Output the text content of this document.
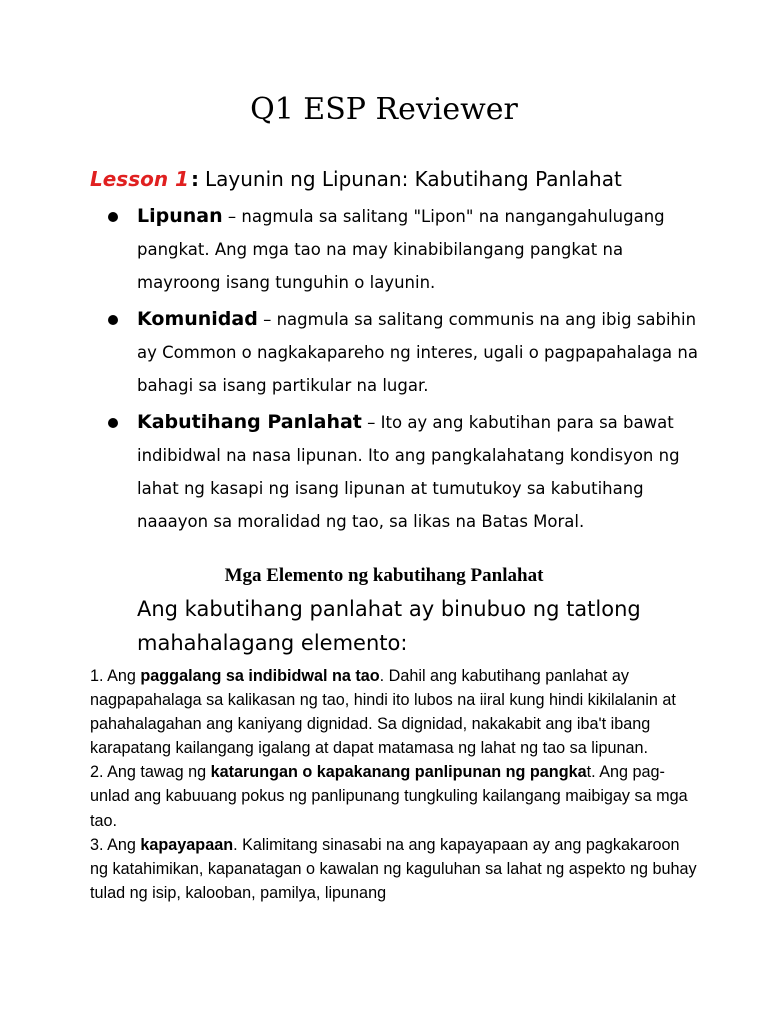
Q1 ESP Reviewer
Lesson 1 : Layunin ng Lipunan: Kabutihang Panlahat
Lipunan – nagmula sa salitang "Lipon" na nangangahulugang pangkat. Ang mga tao na may kinabibilangang pangkat na mayroong isang tunguhin o layunin.
Komunidad – nagmula sa salitang communis na ang ibig sabihin ay Common o nagkakapareho ng interes, ugali o pagpapahalaga na bahagi sa isang partikular na lugar.
Kabutihang Panlahat – Ito ay ang kabutihan para sa bawat indibidwal na nasa lipunan. Ito ang pangkalahatang kondisyon ng lahat ng kasapi ng isang lipunan at tumutukoy sa kabutihang naaayon sa moralidad ng tao, sa likas na Batas Moral.
Mga Elemento ng kabutihang Panlahat

Ang kabutihang panlahat ay binubuo ng tatlong mahahalagang elemento:

1. Ang paggalang sa indibidwal na tao. Dahil ang kabutihang panlahat ay nagpapahalaga sa kalikasan ng tao, hindi ito lubos na iiral kung hindi kikilalanin at pahahalagahan ang kaniyang dignidad. Sa dignidad, nakakabit ang iba't ibang karapatang kailangang igalang at dapat matamasa ng lahat ng tao sa lipunan.

2. Ang tawag ng katarungan o kapakanang panlipunan ng pangkat. Ang pag- unlad ang kabuuang pokus ng panlipunang tungkuling kailangang maibigay sa mga tao.

3. Ang kapayapaan. Kalimitang sinasabi na ang kapayapaan ay ang pagkakaroon ng katahimikan, kapanatagan o kawalan ng kaguluhan sa lahat ng aspekto ng buhay tulad ng isip, kalooban, pamilya, lipunang
